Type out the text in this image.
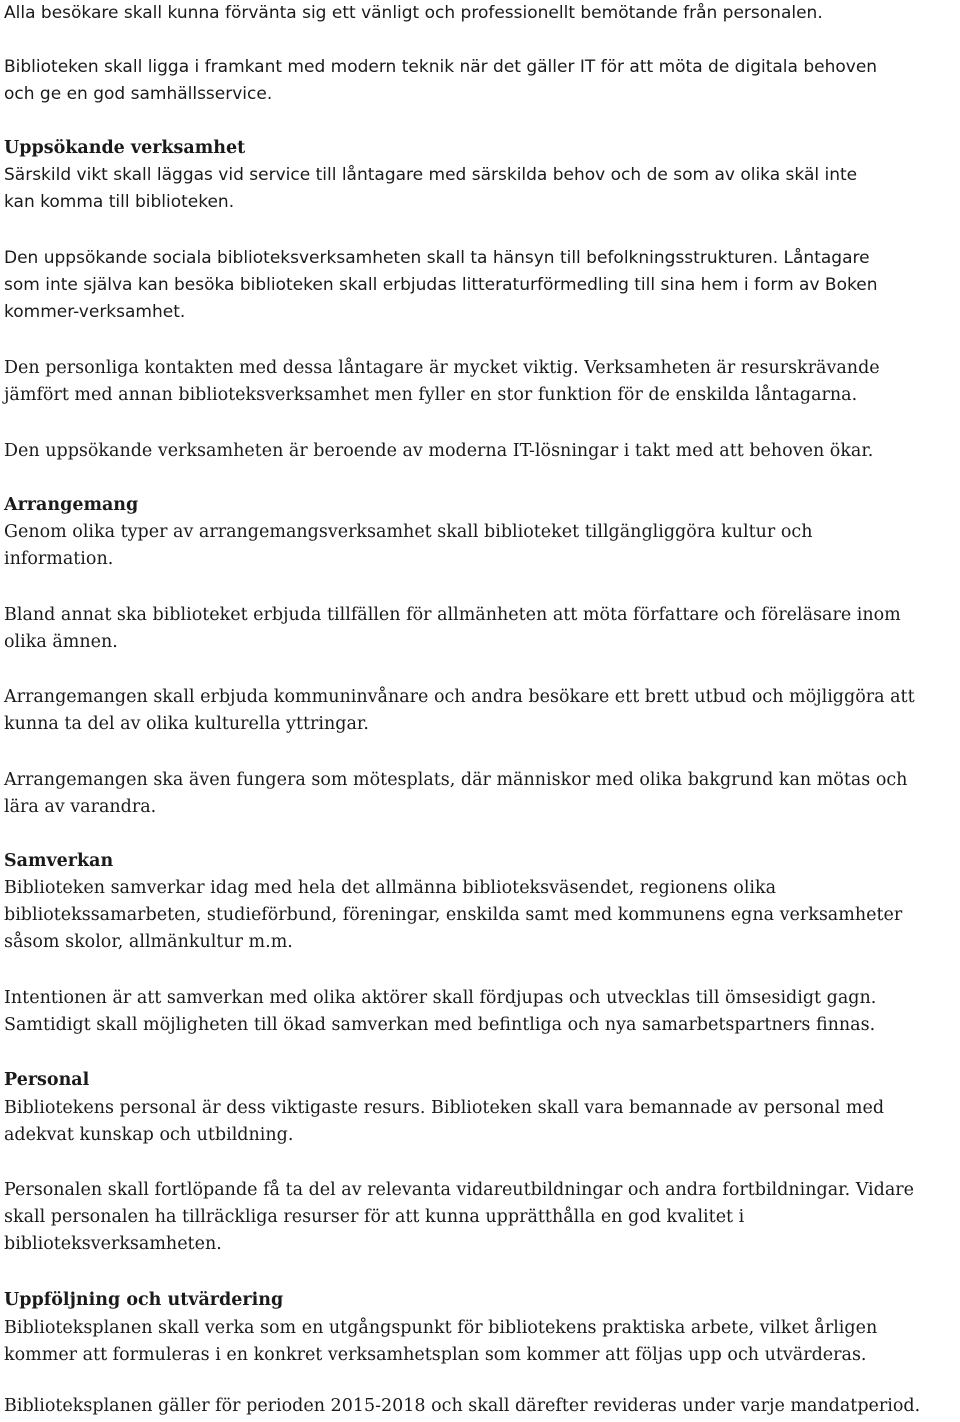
Alla besökare skall kunna förvänta sig ett vänligt och professionellt bemötande från personalen.

Biblioteken skall ligga i framkant med modern teknik när det gäller IT för att möta de digitala behoven
och ge en god samhällsservice.

Uppsökande verksamhet

Särskild vikt skall läggas vid service till låntagare med särskilda behov och de som av olika skäl inte
kan komma till biblioteken.

Den uppsökande sociala biblioteksverksamheten skall ta hänsyn till befolkningsstrukturen. Låntagare
som inte själva kan besöka biblioteken skall erbjudas litteraturförmedling till sina hem i form av Boken
kommer-verksamhet.

Den personliga kontakten med dessa låntagare är mycket viktig. Verksamheten är resurskrävande
jämfört med annan biblioteksverksamhet men fyller en stor funktion för de enskilda låntagarna.

Den uppsökande verksamheten är beroende av moderna IT-lösningar i takt med att behoven ökar.

Arrangemang

Genom olika typer av arrangemangsverksamhet skall biblioteket tillgängliggöra kultur och
information.

Bland annat ska biblioteket erbjuda tillfällen för allmänheten att möta författare och föreläsare inom
olika ämnen.

Arrangemangen skall erbjuda kommuninvånare och andra besökare ett brett utbud och möjliggöra att
kunna ta del av olika kulturella yttringar.

Arrangemangen ska även fungera som mötesplats, där människor med olika bakgrund kan mötas och
lära av varandra.

Samverkan

Biblioteken samverkar idag med hela det allmänna biblioteksväsendet, regionens olika
bibliotekssamarbeten, studieförbund, föreningar, enskilda samt med kommunens egna verksamheter
såsom skolor, allmänkultur m.m.

Intentionen är att samverkan med olika aktörer skall fördjupas och utvecklas till ömsesidigt gagn.
Samtidigt skall möjligheten till ökad samverkan med befintliga och nya samarbetspartners finnas.

Personal

Bibliotekens personal är dess viktigaste resurs. Biblioteken skall vara bemannade av personal med
adekvat kunskap och utbildning.

Personalen skall fortlöpande få ta del av relevanta vidareutbildningar och andra fortbildningar. Vidare
skall personalen ha tillräckliga resurser för att kunna upprätthålla en god kvalitet i
biblioteksverksamheten.

Uppföljning och utvärdering

Biblioteksplanen skall verka som en utgångspunkt för bibliotekens praktiska arbete, vilket årligen
kommer att formuleras i en konkret verksamhetsplan som kommer att följas upp och utvärderas.

Biblioteksplanen gäller för perioden 2015-2018 och skall därefter revideras under varje mandatperiod.
